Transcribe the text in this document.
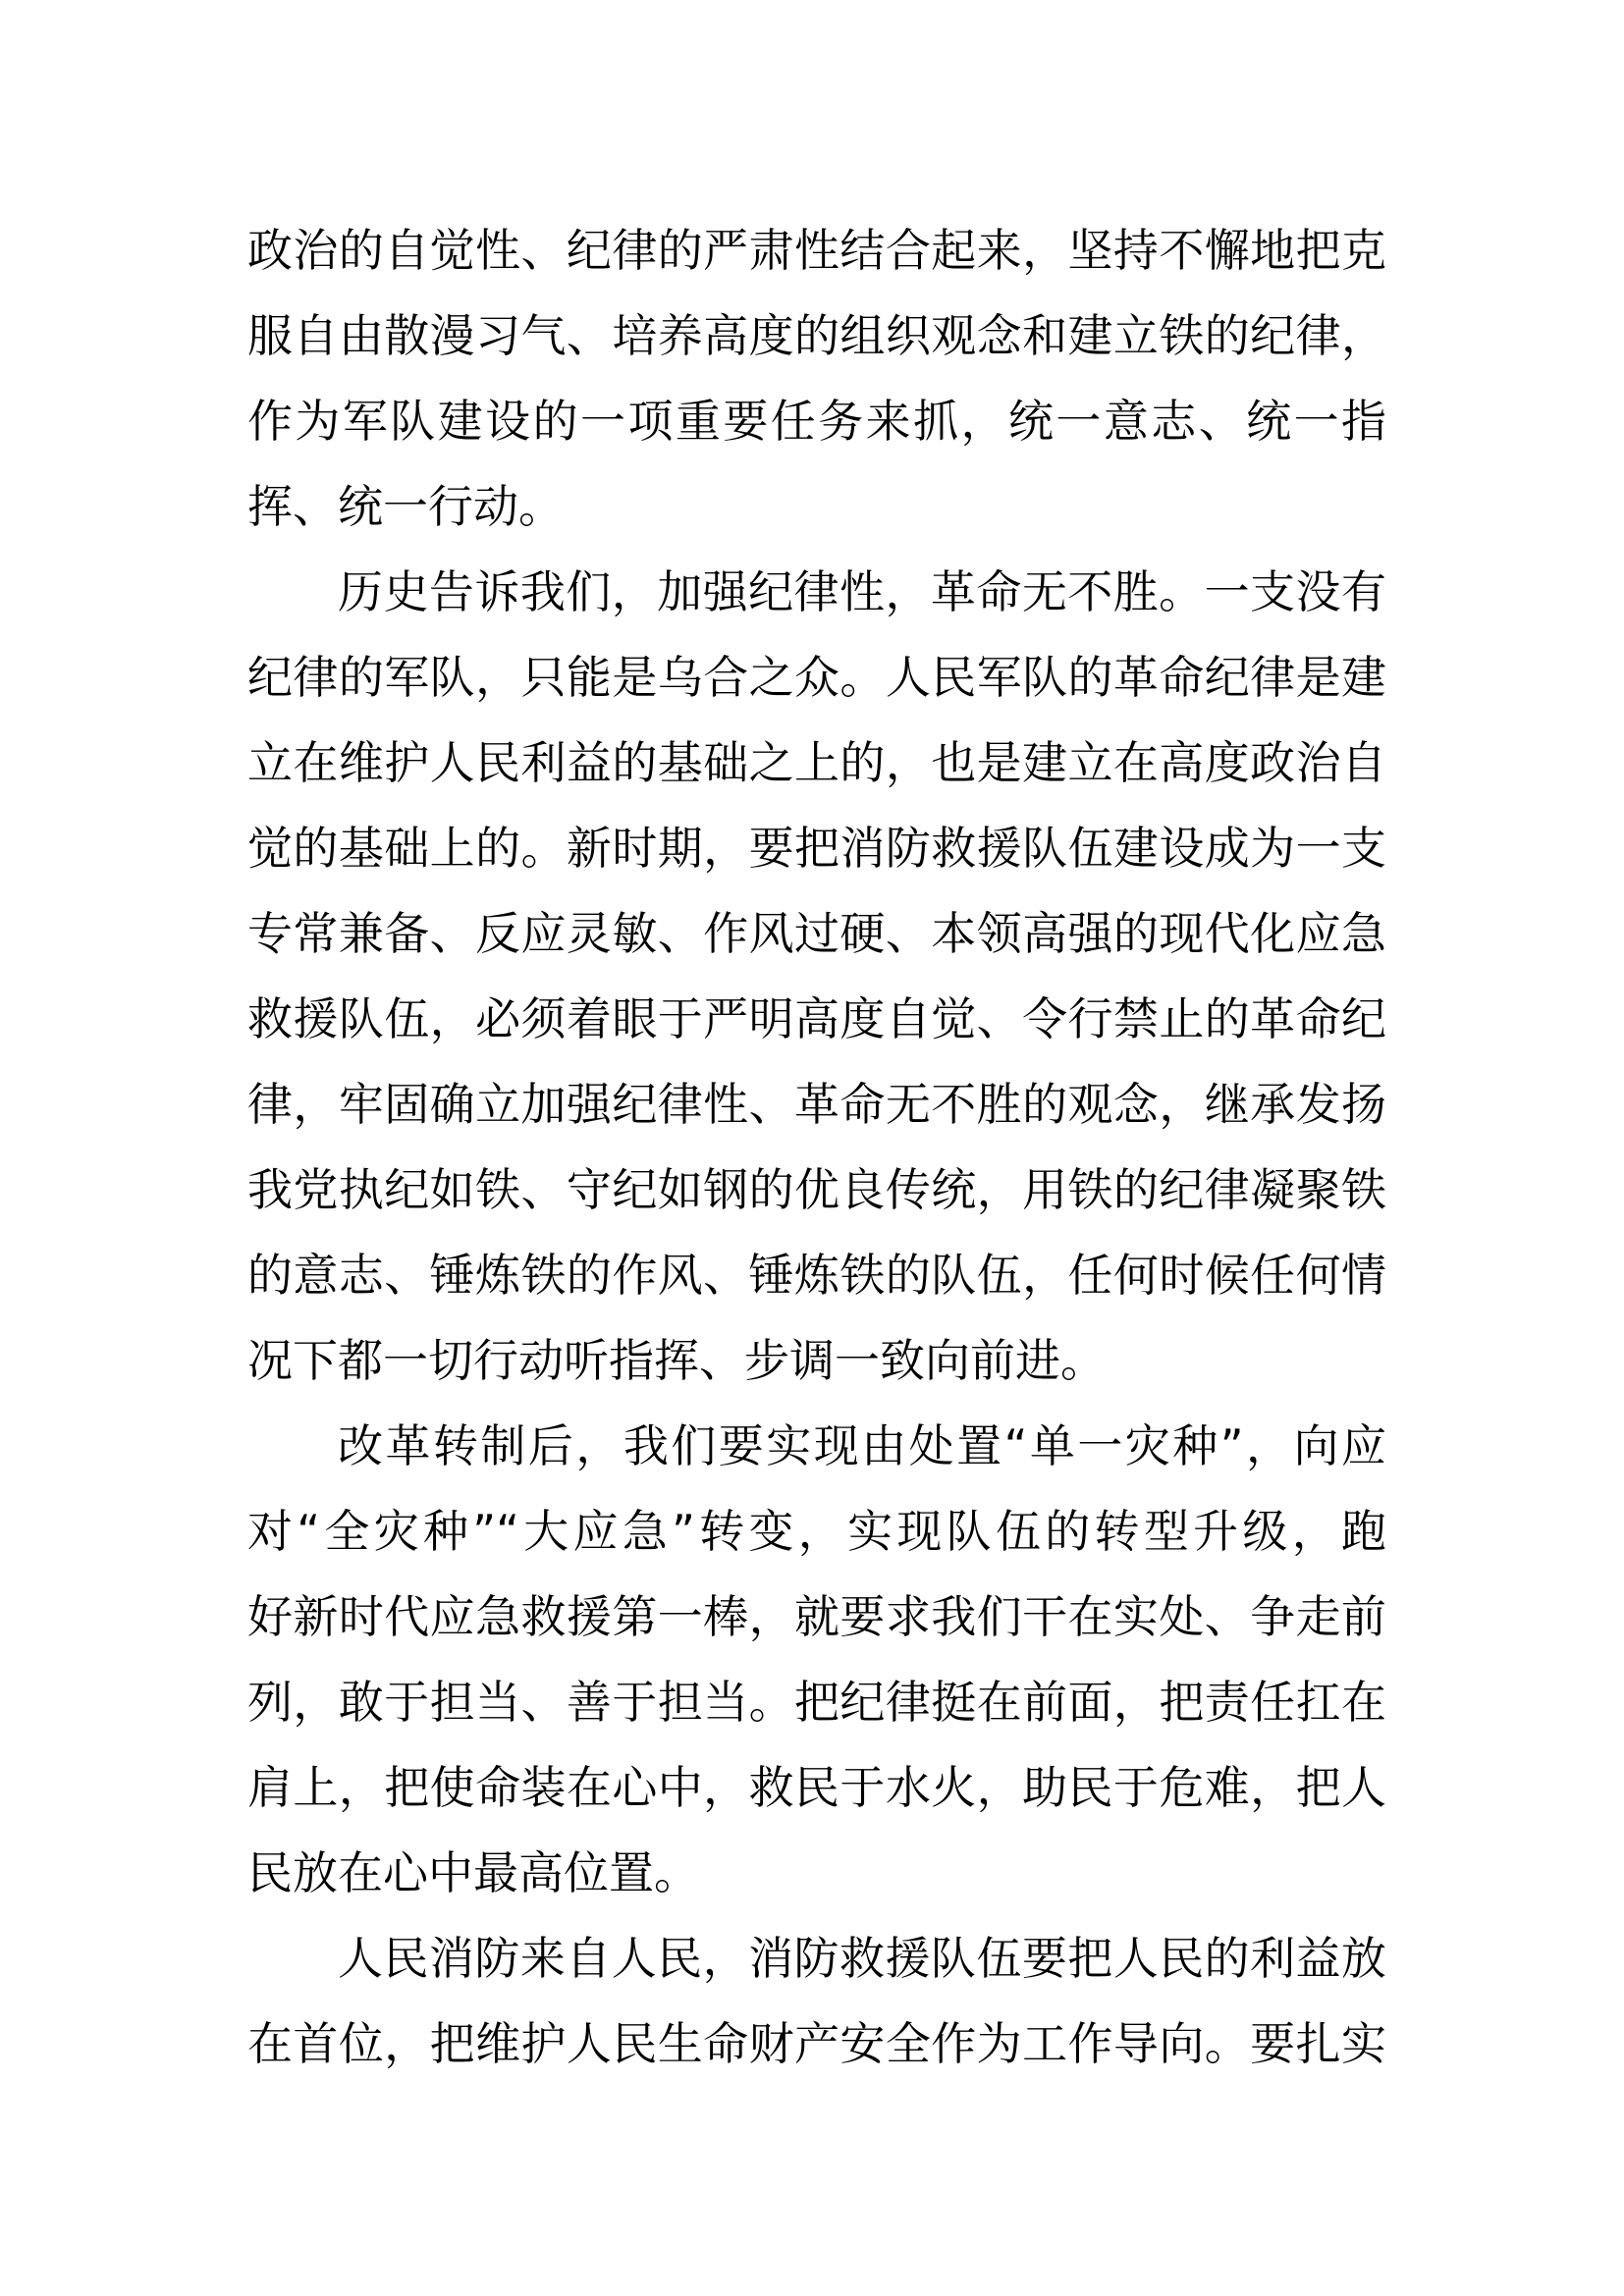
政治的自觉性、纪律的严肃性结合起来，坚持不懈地把克
服自由散漫习气、培养高度的组织观念和建立铁的纪律，
作为军队建设的一项重要任务来抓，统一意志、统一指
挥、统一行动。
历史告诉我们，加强纪律性，革命无不胜。一支没有
纪律的军队，只能是乌合之众。人民军队的革命纪律是建
立在维护人民利益的基础之上的，也是建立在高度政治自
觉的基础上的。新时期，要把消防救援队伍建设成为一支
专常兼备、反应灵敏、作风过硬、本领高强的现代化应急
救援队伍，必须着眼于严明高度自觉、令行禁止的革命纪
律，牢固确立加强纪律性、革命无不胜的观念，继承发扬
我党执纪如铁、守纪如钢的优良传统，用铁的纪律凝聚铁
的意志、锤炼铁的作风、锤炼铁的队伍，任何时候任何情
况下都一切行动听指挥、步调一致向前进。
改革转制后，我们要实现由处置“单一灾种”，向应
对“全灾种”“大应急”转变，实现队伍的转型升级，跑
好新时代应急救援第一棒，就要求我们干在实处、争走前
列，敢于担当、善于担当。把纪律挺在前面，把责任扛在
肩上，把使命装在心中，救民于水火，助民于危难，把人
民放在心中最高位置。
人民消防来自人民，消防救援队伍要把人民的利益放
在首位，把维护人民生命财产安全作为工作导向。要扎实
